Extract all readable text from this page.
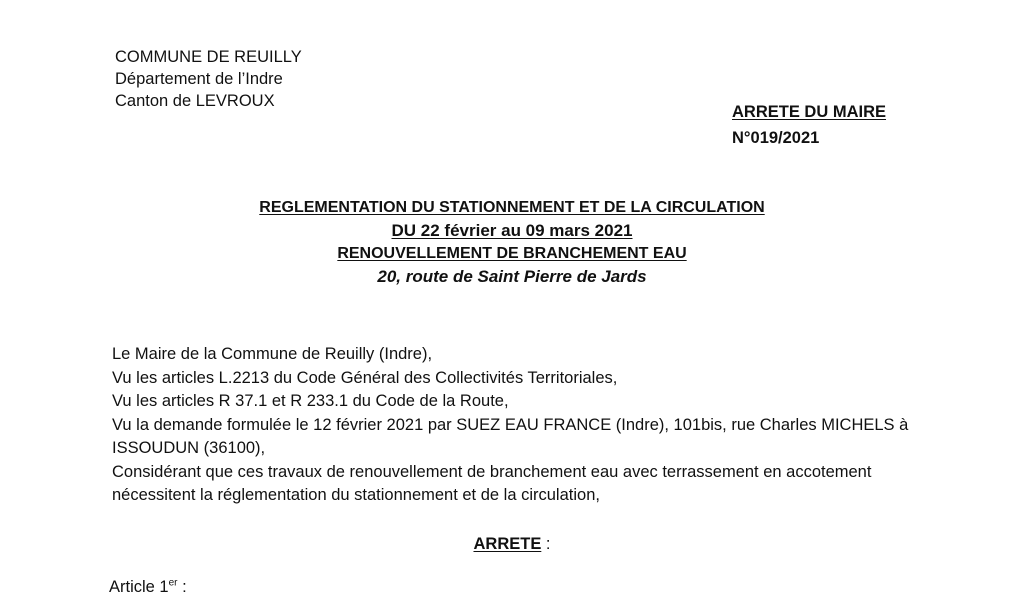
COMMUNE DE REUILLY
Département de l’Indre
Canton de LEVROUX
ARRETE DU MAIRE
N°019/2021
REGLEMENTATION DU STATIONNEMENT ET DE LA CIRCULATION
DU 22 février au 09 mars 2021
RENOUVELLEMENT DE BRANCHEMENT EAU
20, route de Saint Pierre de Jards
Le Maire de la Commune de Reuilly (Indre),
Vu les articles L.2213 du Code Général des Collectivités Territoriales,
Vu les articles R 37.1 et R 233.1 du Code de la Route,
Vu la demande formulée le 12 février 2021 par SUEZ EAU FRANCE (Indre), 101bis, rue Charles MICHELS à
ISSOUDUN (36100),
Considérant que ces travaux de renouvellement de branchement eau avec terrassement en accotement
nécessitent la réglementation du stationnement et de la circulation,
ARRETE :
Article 1er :
